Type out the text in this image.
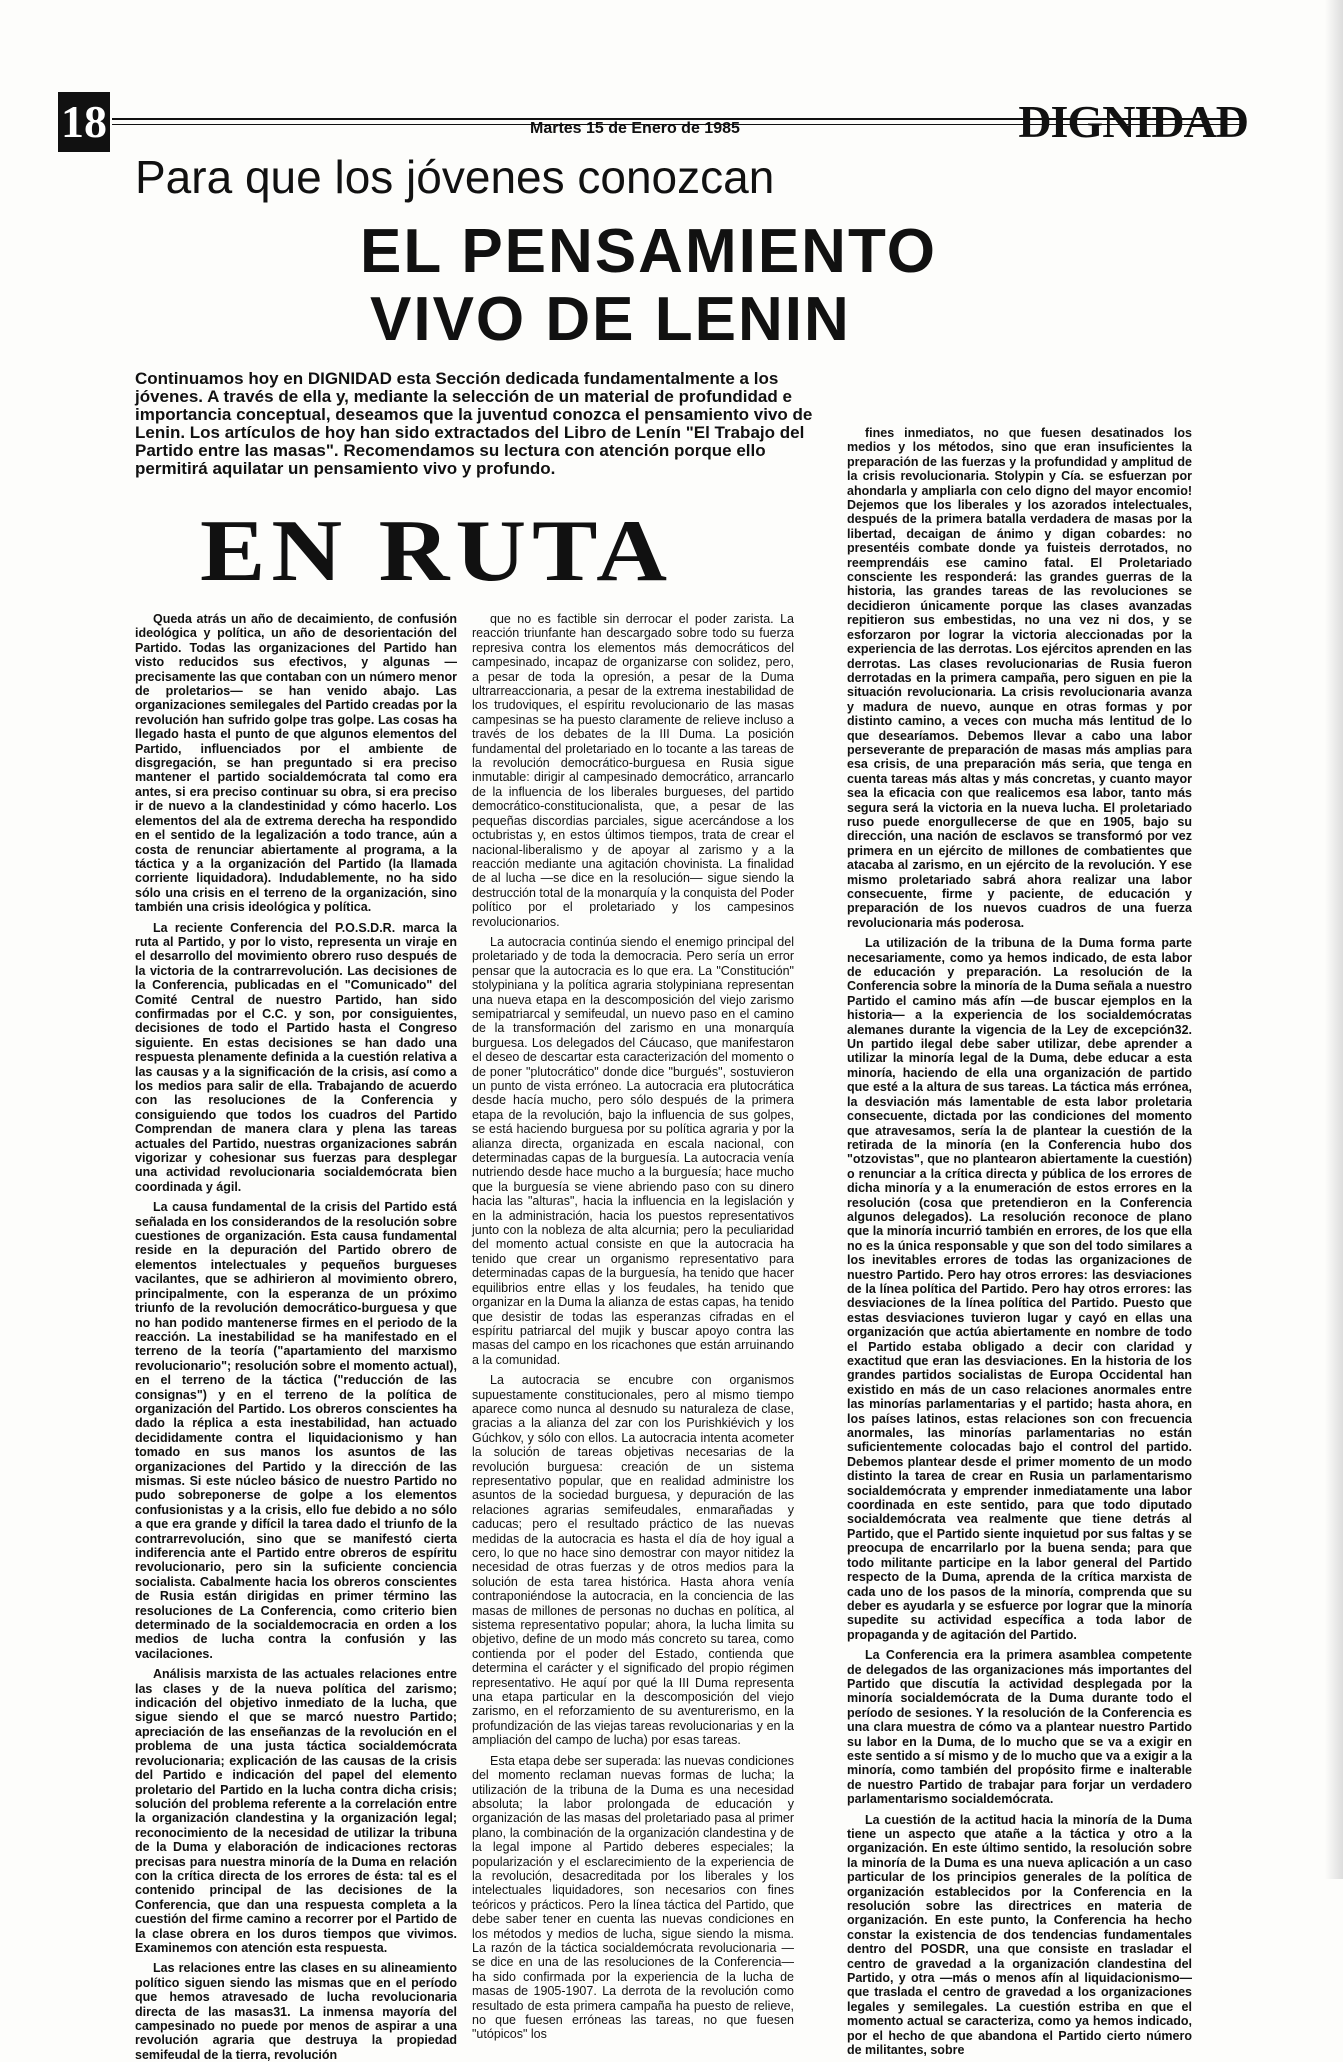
18	Martes 15 de Enero de 1985	DIGNIDAD
Para que los jóvenes conozcan
EL PENSAMIENTO
VIVO DE LENIN
Continuamos hoy en DIGNIDAD esta Sección dedicada fundamentalmente a los jóvenes. A través de ella y, mediante la selección de un material de profundidad e importancia conceptual, deseamos que la juventud conozca el pensamiento vivo de Lenin. Los artículos de hoy han sido extractados del Libro de Lenín "El Trabajo del Partido entre las masas". Recomendamos su lectura con atención porque ello permitirá aquilatar un pensamiento vivo y profundo.
EN RUTA

Queda atrás un año de decaimiento, de confusión ideológica y política, un año de desorientación del Partido. Todas las organizaciones del Partido han visto reducidos sus efectivos, y algunas —precisamente las que contaban con un número menor de proletarios— se han venido abajo. Las organizaciones semilegales del Partido creadas por la revolución han sufrido golpe tras golpe. Las cosas ha llegado hasta el punto de que algunos elementos del Partido, influenciados por el ambiente de disgregación, se han preguntado si era preciso mantener el partido socialdemócrata tal como era antes, si era preciso continuar su obra, si era preciso ir de nuevo a la clandestinidad y cómo hacerlo. Los elementos del ala de extrema derecha ha respondido en el sentido de la legalización a todo trance, aún a costa de renunciar abiertamente al programa, a la táctica y a la organización del Partido (la llamada corriente liquidadora). Indudablemente, no ha sido sólo una crisis en el terreno de la organización, sino también una crisis ideológica y política.

La reciente Conferencia del P.O.S.D.R. marca la ruta al Partido, y por lo visto, representa un viraje en el desarrollo del movimiento obrero ruso después de la victoria de la contrarrevolución. Las decisiones de la Conferencia, publicadas en el "Comunicado" del Comité Central de nuestro Partido, han sido confirmadas por el C.C. y son, por consiguientes, decisiones de todo el Partido hasta el Congreso siguiente. En estas decisiones se han dado una respuesta plenamente definida a la cuestión relativa a las causas y a la significación de la crisis, así como a los medios para salir de ella. Trabajando de acuerdo con las resoluciones de la Conferencia y consiguiendo que todos los cuadros del Partido Comprendan de manera clara y plena las tareas actuales del Partido, nuestras organizaciones sabrán vigorizar y cohesionar sus fuerzas para desplegar una actividad revolucionaria socialdemócrata bien coordinada y ágil.

La causa fundamental de la crisis del Partido está señalada en los considerandos de la resolución sobre cuestiones de organización. Esta causa fundamental reside en la depuración del Partido obrero de elementos intelectuales y pequeños burgueses vacilantes, que se adhirieron al movimiento obrero, principalmente, con la esperanza de un próximo triunfo de la revolución democrático-burguesa y que no han podido mantenerse firmes en el periodo de la reacción. La inestabilidad se ha manifestado en el terreno de la teoría ("apartamiento del marxismo revolucionario"; resolución sobre el momento actual), en el terreno de la táctica ("reducción de las consignas") y en el terreno de la política de organización del Partido. Los obreros conscientes ha dado la réplica a esta inestabilidad, han actuado decididamente contra el liquidacionismo y han tomado en sus manos los asuntos de las organizaciones del Partido y la dirección de las mismas. Si este núcleo básico de nuestro Partido no pudo sobreponerse de golpe a los elementos confusionistas y a la crisis, ello fue debido a no sólo a que era grande y difícil la tarea dado el triunfo de la contrarrevolución, sino que se manifestó cierta indiferencia ante el Partido entre obreros de espíritu revolucionario, pero sin la suficiente conciencia socialista. Cabalmente hacia los obreros conscientes de Rusia están dirigidas en primer término las resoluciones de La Conferencia, como criterio bien determinado de la socialdemocracia en orden a los medios de lucha contra la confusión y las vacilaciones.

Análisis marxista de las actuales relaciones entre las clases y de la nueva política del zarismo; indicación del objetivo inmediato de la lucha, que sigue siendo el que se marcó nuestro Partido; apreciación de las enseñanzas de la revolución en el problema de una justa táctica socialdemócrata revolucionaria; explicación de las causas de la crisis del Partido e indicación del papel del elemento proletario del Partido en la lucha contra dicha crisis; solución del problema referente a la correlación entre la organización clandestina y la organización legal; reconocimiento de la necesidad de utilizar la tribuna de la Duma y elaboración de indicaciones rectoras precisas para nuestra minoría de la Duma en relación con la crítica directa de los errores de ésta: tal es el contenido principal de las decisiones de la Conferencia, que dan una respuesta completa a la cuestión del firme camino a recorrer por el Partido de la clase obrera en los duros tiempos que vivimos. Examinemos con atención esta respuesta.

Las relaciones entre las clases en su alineamiento político siguen siendo las mismas que en el período que hemos atravesado de lucha revolucionaria directa de las masas31. La inmensa mayoría del campesinado no puede por menos de aspirar a una revolución agraria que destruya la propiedad semifeudal de la tierra, revolución

que no es factible sin derrocar el poder zarista. La reacción triunfante han descargado sobre todo su fuerza represiva contra los elementos más democráticos del campesinado, incapaz de organizarse con solidez, pero, a pesar de toda la opresión, a pesar de la Duma ultrarreaccionaria, a pesar de la extrema inestabilidad de los trudoviques, el espíritu revolucionario de las masas campesinas se ha puesto claramente de relieve incluso a través de los debates de la III Duma. La posición fundamental del proletariado en lo tocante a las tareas de la revolución democrático-burguesa en Rusia sigue inmutable: dirigir al campesinado democrático, arrancarlo de la influencia de los liberales burgueses, del partido democrático-constitucionalista, que, a pesar de las pequeñas discordias parciales, sigue acercándose a los octubristas y, en estos últimos tiempos, trata de crear el nacional-liberalismo y de apoyar al zarismo y a la reacción mediante una agitación chovinista. La finalidad de al lucha —se dice en la resolución— sigue siendo la destrucción total de la monarquía y la conquista del Poder político por el proletariado y los campesinos revolucionarios.

La autocracia continúa siendo el enemigo principal del proletariado y de toda la democracia. Pero sería un error pensar que la autocracia es lo que era. La "Constitución" stolypiniana y la política agraria stolypiniana representan una nueva etapa en la descomposición del viejo zarismo semipatriarcal y semifeudal, un nuevo paso en el camino de la transformación del zarismo en una monarquía burguesa. Los delegados del Cáucaso, que manifestaron el deseo de descartar esta caracterización del momento o de poner "plutocrático" donde dice "burgués", sostuvieron un punto de vista erróneo. La autocracia era plutocrática desde hacía mucho, pero sólo después de la primera etapa de la revolución, bajo la influencia de sus golpes, se está haciendo burguesa por su política agraria y por la alianza directa, organizada en escala nacional, con determinadas capas de la burguesía. La autocracia venía nutriendo desde hace mucho a la burguesía; hace mucho que la burguesía se viene abriendo paso con su dinero hacia las "alturas", hacia la influencia en la legislación y en la administración, hacia los puestos representativos junto con la nobleza de alta alcurnia; pero la peculiaridad del momento actual consiste en que la autocracia ha tenido que crear un organismo representativo para determinadas capas de la burguesía, ha tenido que hacer equilibrios entre ellas y los feudales, ha tenido que organizar en la Duma la alianza de estas capas, ha tenido que desistir de todas las esperanzas cifradas en el espíritu patriarcal del mujik y buscar apoyo contra las masas del campo en los ricachones que están arruinando a la comunidad.

La autocracia se encubre con organismos supuestamente constitucionales, pero al mismo tiempo aparece como nunca al desnudo su naturaleza de clase, gracias a la alianza del zar con los Purishkiévich y los Gúchkov, y sólo con ellos. La autocracia intenta acometer la solución de tareas objetivas necesarias de la revolución burguesa: creación de un sistema representativo popular, que en realidad administre los asuntos de la sociedad burguesa, y depuración de las relaciones agrarias semifeudales, enmarañadas y caducas; pero el resultado práctico de las nuevas medidas de la autocracia es hasta el día de hoy igual a cero, lo que no hace sino demostrar con mayor nitidez la necesidad de otras fuerzas y de otros medios para la solución de esta tarea histórica. Hasta ahora venía contraponiéndose la autocracia, en la conciencia de las masas de millones de personas no duchas en política, al sistema representativo popular; ahora, la lucha limita su objetivo, define de un modo más concreto su tarea, como contienda por el poder del Estado, contienda que determina el carácter y el significado del propio régimen representativo. He aquí por qué la III Duma representa una etapa particular en la descomposición del viejo zarismo, en el reforzamiento de su aventurerismo, en la profundización de las viejas tareas revolucionarias y en la ampliación del campo de lucha) por esas tareas.

Esta etapa debe ser superada: las nuevas condiciones del momento reclaman nuevas formas de lucha; la utilización de la tribuna de la Duma es una necesidad absoluta; la labor prolongada de educación y organización de las masas del proletariado pasa al primer plano, la combinación de la organización clandestina y de la legal impone al Partido deberes especiales; la popularización y el esclarecimiento de la experiencia de la revolución, desacreditada por los liberales y los intelectuales liquidadores, son necesarios con fines teóricos y prácticos. Pero la línea táctica del Partido, que debe saber tener en cuenta las nuevas condiciones en los métodos y medios de lucha, sigue siendo la misma. La razón de la táctica socialdemócrata revolucionaria —se dice en una de las resoluciones de la Conferencia— ha sido confirmada por la experiencia de la lucha de masas de 1905-1907. La derrota de la revolución como resultado de esta primera campaña ha puesto de relieve, no que fuesen erróneas las tareas, no que fuesen "utópicos" los

fines inmediatos, no que fuesen desatinados los medios y los métodos, sino que eran insuficientes la preparación de las fuerzas y la profundidad y amplitud de la crisis revolucionaria. Stolypin y Cía. se esfuerzan por ahondarla y ampliarla con celo digno del mayor encomio! Dejemos que los liberales y los azorados intelectuales, después de la primera batalla verdadera de masas por la libertad, decaigan de ánimo y digan cobardes: no presentéis combate donde ya fuisteis derrotados, no reemprendáis ese camino fatal. El Proletariado consciente les responderá: las grandes guerras de la historia, las grandes tareas de las revoluciones se decidieron únicamente porque las clases avanzadas repitieron sus embestidas, no una vez ni dos, y se esforzaron por lograr la victoria aleccionadas por la experiencia de las derrotas. Los ejércitos aprenden en las derrotas. Las clases revolucionarias de Rusia fueron derrotadas en la primera campaña, pero siguen en pie la situación revolucionaria. La crisis revolucionaria avanza y madura de nuevo, aunque en otras formas y por distinto camino, a veces con mucha más lentitud de lo que desearíamos. Debemos llevar a cabo una labor perseverante de preparación de masas más amplias para esa crisis, de una preparación más seria, que tenga en cuenta tareas más altas y más concretas, y cuanto mayor sea la eficacia con que realicemos esa labor, tanto más segura será la victoria en la nueva lucha. El proletariado ruso puede enorgullecerse de que en 1905, bajo su dirección, una nación de esclavos se transformó por vez primera en un ejército de millones de combatientes que atacaba al zarismo, en un ejército de la revolución. Y ese mismo proletariado sabrá ahora realizar una labor consecuente, firme y paciente, de educación y preparación de los nuevos cuadros de una fuerza revolucionaria más poderosa.

La utilización de la tribuna de la Duma forma parte necesariamente, como ya hemos indicado, de esta labor de educación y preparación. La resolución de la Conferencia sobre la minoría de la Duma señala a nuestro Partido el camino más afín —de buscar ejemplos en la historia— a la experiencia de los socialdemócratas alemanes durante la vigencia de la Ley de excepción32. Un partido ilegal debe saber utilizar, debe aprender a utilizar la minoría legal de la Duma, debe educar a esta minoría, haciendo de ella una organización de partido que esté a la altura de sus tareas. La táctica más errónea, la desviación más lamentable de esta labor proletaria consecuente, dictada por las condiciones del momento que atravesamos, sería la de plantear la cuestión de la retirada de la minoría (en la Conferencia hubo dos "otzovistas", que no plantearon abiertamente la cuestión) o renunciar a la crítica directa y pública de los errores de dicha minoría y a la enumeración de estos errores en la resolución (cosa que pretendieron en la Conferencia algunos delegados). La resolución reconoce de plano que la minoría incurrió también en errores, de los que ella no es la única responsable y que son del todo similares a los inevitables errores de todas las organizaciones de nuestro Partido. Pero hay otros errores: las desviaciones de la línea política del Partido. Pero hay otros errores: las desviaciones de la línea política del Partido. Puesto que estas desviaciones tuvieron lugar y cayó en ellas una organización que actúa abiertamente en nombre de todo el Partido estaba obligado a decir con claridad y exactitud que eran las desviaciones. En la historia de los grandes partidos socialistas de Europa Occidental han existido en más de un caso relaciones anormales entre las minorías parlamentarias y el partido; hasta ahora, en los países latinos, estas relaciones son con frecuencia anormales, las minorías parlamentarias no están suficientemente colocadas bajo el control del partido. Debemos plantear desde el primer momento de un modo distinto la tarea de crear en Rusia un parlamentarismo socialdemócrata y emprender inmediatamente una labor coordinada en este sentido, para que todo diputado socialdemócrata vea realmente que tiene detrás al Partido, que el Partido siente inquietud por sus faltas y se preocupa de encarrilarlo por la buena senda; para que todo militante participe en la labor general del Partido respecto de la Duma, aprenda de la crítica marxista de cada uno de los pasos de la minoría, comprenda que su deber es ayudarla y se esfuerce por lograr que la minoría supedite su actividad específica a toda labor de propaganda y de agitación del Partido.

La Conferencia era la primera asamblea competente de delegados de las organizaciones más importantes del Partido que discutía la actividad desplegada por la minoría socialdemócrata de la Duma durante todo el período de sesiones. Y la resolución de la Conferencia es una clara muestra de cómo va a plantear nuestro Partido su labor en la Duma, de lo mucho que se va a exigir en este sentido a sí mismo y de lo mucho que va a exigir a la minoría, como también del propósito firme e inalterable de nuestro Partido de trabajar para forjar un verdadero parlamentarismo socialdemócrata.

La cuestión de la actitud hacia la minoría de la Duma tiene un aspecto que atañe a la táctica y otro a la organización. En este último sentido, la resolución sobre la minoría de la Duma es una nueva aplicación a un caso particular de los principios generales de la política de organización establecidos por la Conferencia en la resolución sobre las directrices en materia de organización. En este punto, la Conferencia ha hecho constar la existencia de dos tendencias fundamentales dentro del POSDR, una que consiste en trasladar el centro de gravedad a la organización clandestina del Partido, y otra —más o menos afín al liquidacionismo— que traslada el centro de gravedad a los organizaciones legales y semilegales. La cuestión estriba en que el momento actual se caracteriza, como ya hemos indicado, por el hecho de que abandona el Partido cierto número de militantes, sobre
